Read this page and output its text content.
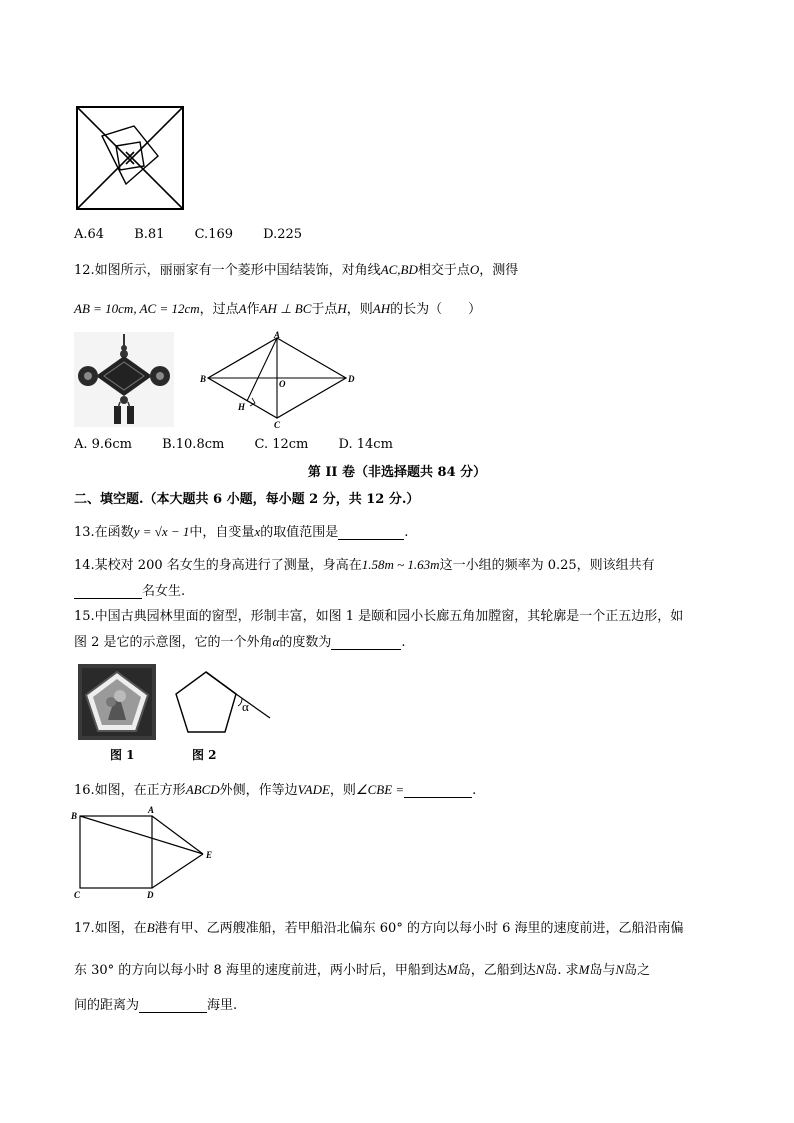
A.64 B.81 C.169 D.225
12.如图所示，丽丽家有一个菱形中国结装饰，对角线AC,BD相交于点O，测得
AB = 10cm, AC = 12cm，过点A作AH ⊥ BC于点H，则AH的长为（　　）
A
B
C
D
O
H
A. 9.6cm B.10.8cm C. 12cm D. 14cm
第 II 卷（非选择题共 84 分）
二、填空题.（本大题共 6 小题，每小题 2 分，共 12 分.）
13.在函数y = √x − 1中，自变量x的取值范围是	.
14.某校对 200 名女生的身高进行了测量，身高在1.58m ~ 1.63m这一小组的频率为 0.25，则该组共有
名女生.
15.中国古典园林里面的窗型，形制丰富，如图 1 是颐和园小长廊五角加膛窗，其轮廓是一个正五边形，如
图 2 是它的示意图，它的一个外角α的度数为	.
图 1
α
图 2
16.如图，在正方形ABCD外侧，作等边VADE，则∠CBE =	.
A
B
C	D
E
17.如图，在B港有甲、乙两艘准船，若甲船沿北偏东 60° 的方向以每小时 6 海里的速度前进，乙船沿南偏
东 30° 的方向以每小时 8 海里的速度前进，两小时后，甲船到达M岛，乙船到达N岛. 求M岛与N岛之
间的距离为	海里.
